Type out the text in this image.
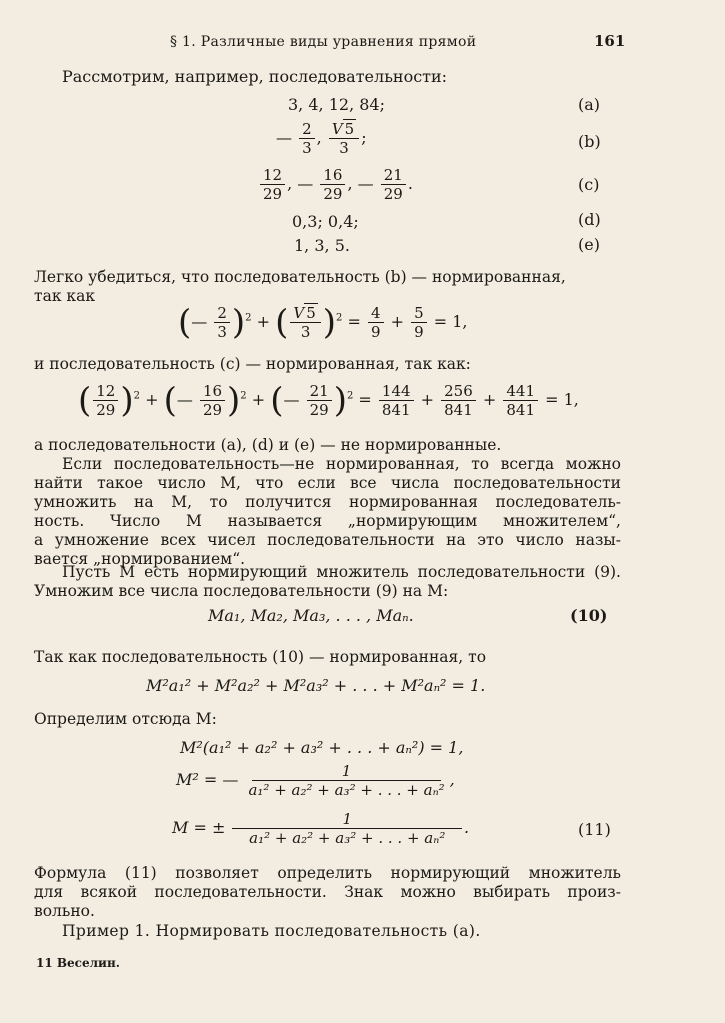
§ 1. Различные виды уравнения прямой	161
Рассмотрим, например, последовательности:
3, 4, 12, 84;	(a)
— $\frac{2}{3}$ , $\frac{V 5}{3}$ ;	(b)
$\frac{12}{29}$ , — $\frac{16}{29}$ , — $\frac{21}{29}$ .	(c)
0,3; 0,4;	(d)
1, 3, 5.	(e)
Легко убедиться, что последовательность (b) — нормированная,
так как
(— $\frac{2}{3} )^2$ + ( $\frac{V 5}{3} )^2 = \frac{4}{9} + \frac{5}{9} = 1$,
и последовательность (c) — нормированная, так как:
( $\frac{12}{29} )^2$ + (— $\frac{16}{29} )^2$ + (— $\frac{21}{29} )^2 = \frac{144}{841} + \frac{256}{841} + \frac{441}{841} = 1$,
а последовательности (a), (d) и (e) — не нормированные.
Если последовательность—не нормированная, то всегда можно
найти такое число M, что если все числа последовательности
умножить на M, то получится нормированная последователь-
ность. Число M называется „нормирующим множителем“,
а умножение всех чисел последовательности на это число назы-
вается „нормированием“.
Пусть M есть нормирующий множитель последовательности (9).
Умножим все числа последовательности (9) на M:
Ma₁, Ma₂, Ma₃, . . . , Maₙ.	(10)
Так как последовательность (10) — нормированная, то
M²a₁² + M²a₂² + M²a₃² + . . . + M²aₙ² = 1.
Определим отсюда M:
M²(a₁² + a₂² + a₃² + . . . + aₙ²) = 1,
M² = — $\frac{1}{\text{a₁² + a₂² + a₃² + . . . + aₙ²}}$ ,
M = ± $\frac{1}{\text{a₁² + a₂² + a₃² + . . . + aₙ²}}$ .	(11)
Формула (11) позволяет определить нормирующий множитель
для всякой последовательности. Знак можно выбирать произ-
вольно.
Пример 1. Нормировать последовательность (a).
11 Веселин.
